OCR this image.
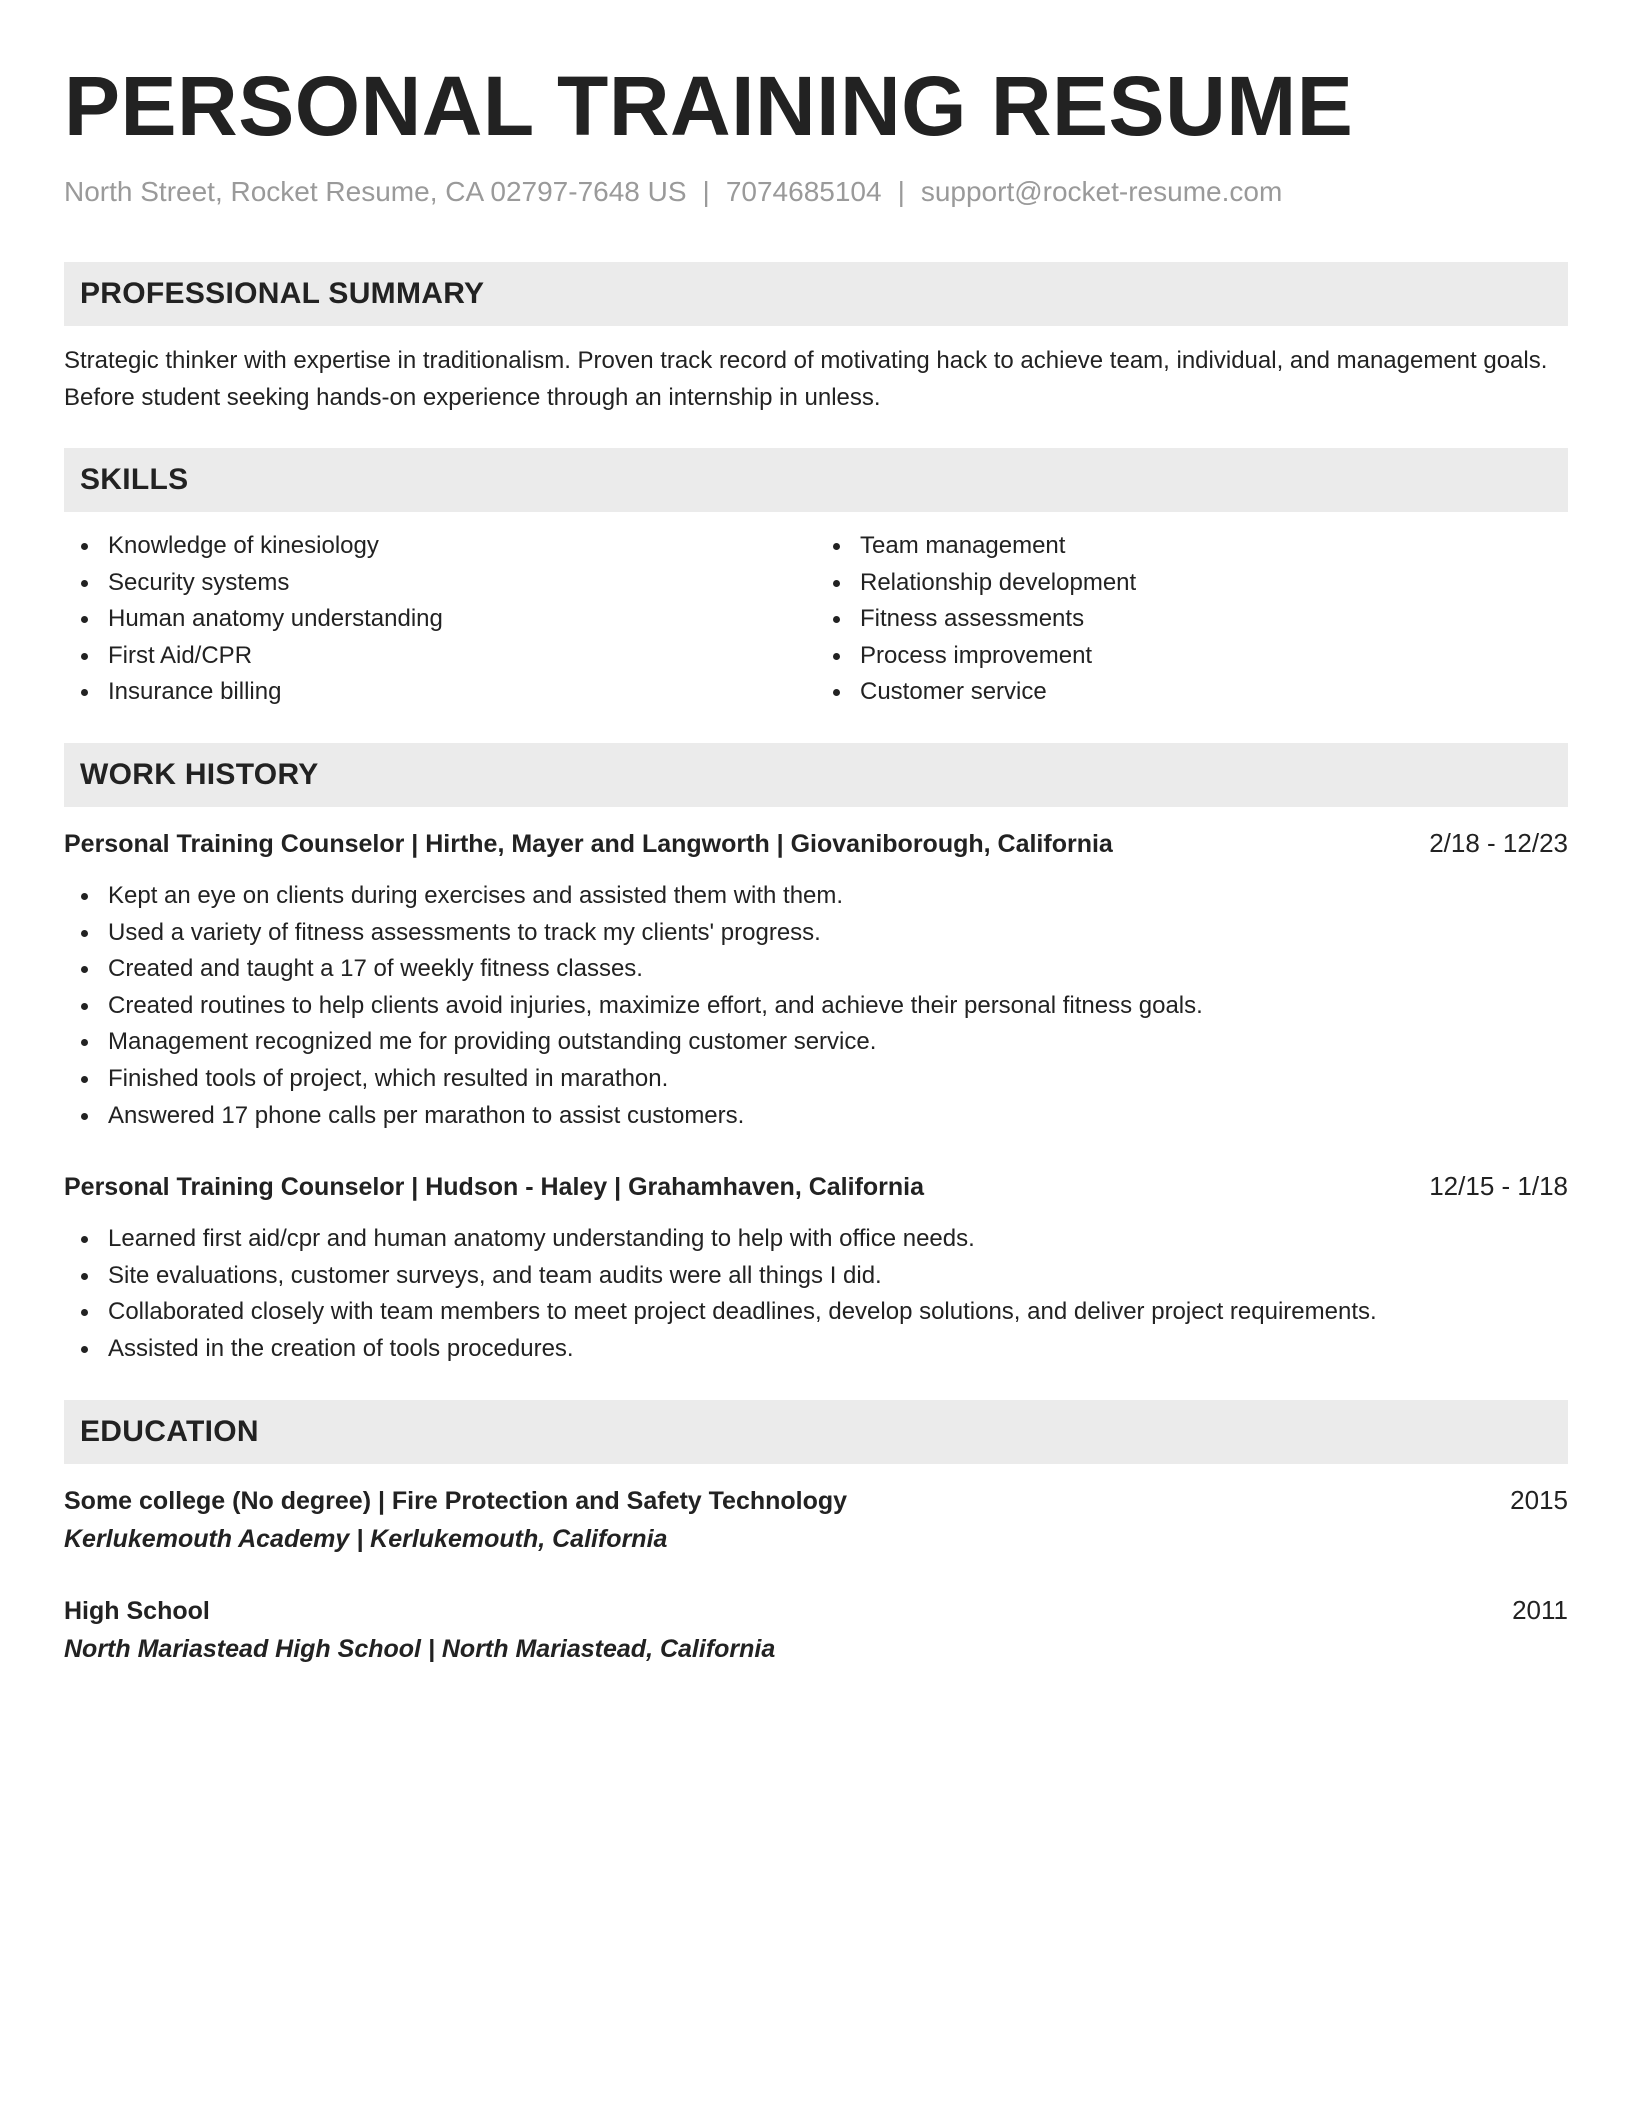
PERSONAL TRAINING RESUME
North Street, Rocket Resume, CA 02797-7648 US | 7074685104 | support@rocket-resume.com
PROFESSIONAL SUMMARY

Strategic thinker with expertise in traditionalism. Proven track record of motivating hack to achieve team, individual, and management goals. Before student seeking hands-on experience through an internship in unless.

SKILLS
Knowledge of kinesiology
Security systems
Human anatomy understanding
First Aid/CPR
Insurance billing
Team management
Relationship development
Fitness assessments
Process improvement
Customer service
WORK HISTORY
Personal Training Counselor | Hirthe, Mayer and Langworth | Giovaniborough, California	2/18 - 12/23
Kept an eye on clients during exercises and assisted them with them.
Used a variety of fitness assessments to track my clients' progress.
Created and taught a 17 of weekly fitness classes.
Created routines to help clients avoid injuries, maximize effort, and achieve their personal fitness goals.
Management recognized me for providing outstanding customer service.
Finished tools of project, which resulted in marathon.
Answered 17 phone calls per marathon to assist customers.
Personal Training Counselor | Hudson - Haley | Grahamhaven, California	12/15 - 1/18
Learned first aid/cpr and human anatomy understanding to help with office needs.
Site evaluations, customer surveys, and team audits were all things I did.
Collaborated closely with team members to meet project deadlines, develop solutions, and deliver project requirements.
Assisted in the creation of tools procedures.
EDUCATION
Some college (No degree) | Fire Protection and Safety Technology	2015
Kerlukemouth Academy | Kerlukemouth, California
High School	2011
North Mariastead High School | North Mariastead, California
